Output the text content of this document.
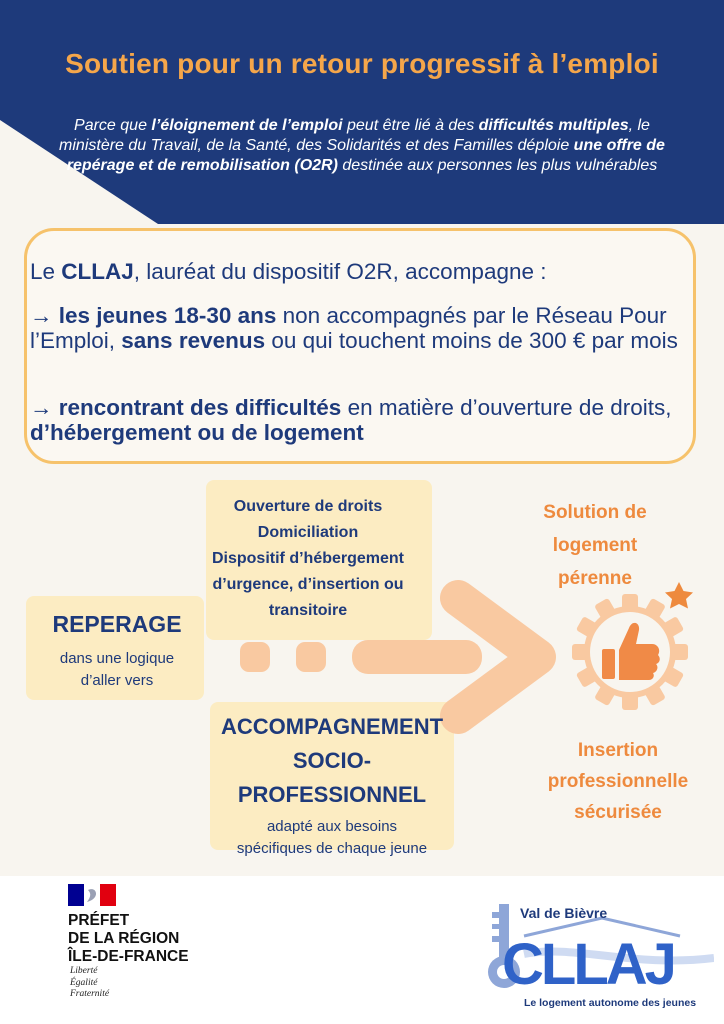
Soutien pour un retour progressif à l’emploi
Parce que l’éloignement de l’emploi peut être lié à des difficultés multiples, le ministère du Travail, de la Santé, des Solidarités et des Familles déploie une offre de repérage et de remobilisation (O2R) destinée aux personnes les plus vulnérables
Le CLLAJ, lauréat du dispositif O2R, accompagne :
→ les jeunes 18-30 ans non accompagnés par le Réseau Pour l’Emploi, sans revenus ou qui touchent moins de 300 € par mois
→ rencontrant des difficultés en matière d’ouverture de droits, d’hébergement ou de logement
Ouverture de droits
Domiciliation
Dispositif d’hébergement
d’urgence, d’insertion ou
transitoire
REPERAGE
dans une logique
d’aller vers
ACCOMPAGNEMENT
SOCIO-
PROFESSIONNEL
adapté aux besoins
spécifiques de chaque jeune
Solution de
logement
pérenne
Insertion
professionnelle
sécurisée
PRÉFET
DE LA RÉGION
ÎLE-DE-FRANCE
Liberté
Égalité
Fraternité	CLLAJ
Val de Bièvre
Le logement autonome des jeunes
